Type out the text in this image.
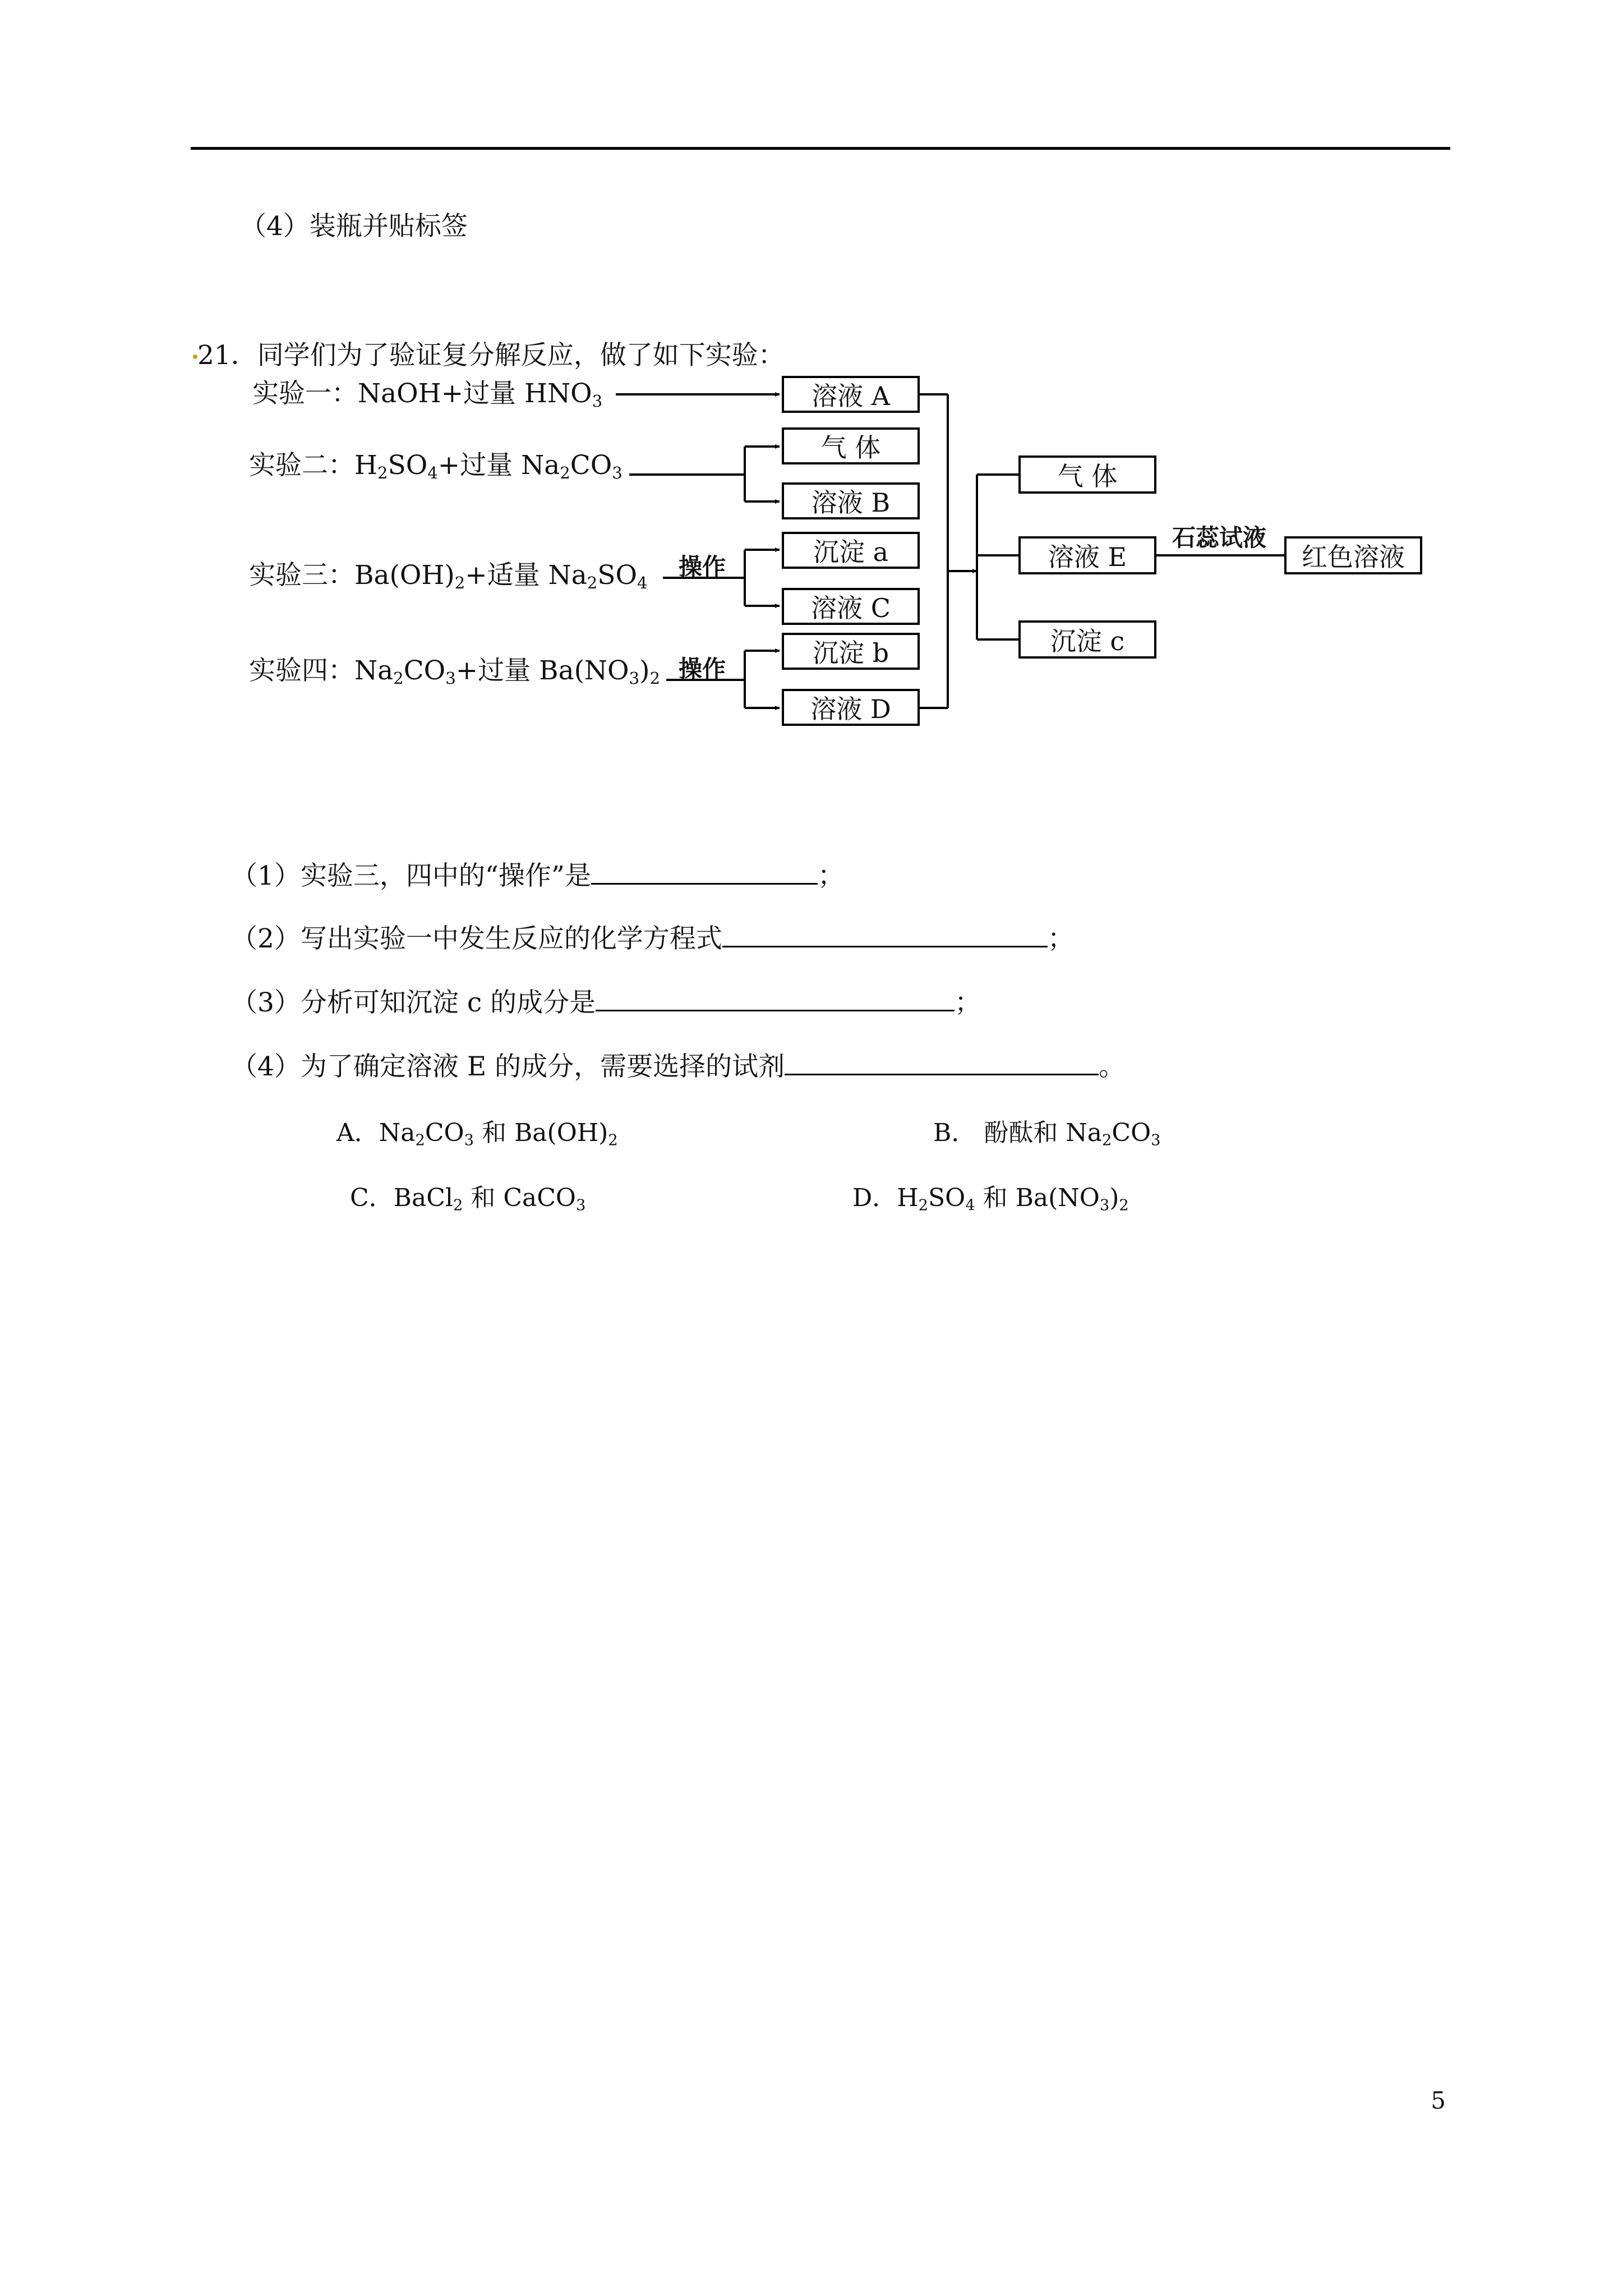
（4）装瓶并贴标签
21．同学们为了验证复分解反应，做了如下实验：
实验一：NaOH+过量 $HNO_3$
实验二：$H_2SO_4+$过量 $Na_2CO_3$
实验三：$Ba(OH)_2+$适量 $Na_2SO_4$
实验四：$Na_2CO_3+$过量 $Ba(NO_3)_2$
溶液 A
气 体
溶液 B
沉淀 a
溶液 C
沉淀 b
溶液 D
气 体
溶液 E
沉淀 c
红色溶液
操作
操作
石蕊试液
（1）实验三，四中的“操作”是	；
（2）写出实验一中发生反应的化学方程式	；
（3）分析可知沉淀 c 的成分是	；
（4）为了确定溶液 E 的成分，需要选择的试剂	。
A．$Na_2CO_3$ 和 $Ba(OH)_2$	B． 酚酞和 $Na_2CO_3$
C．BaCl$_2$ 和 CaCO$_3$	D．$H_2SO_4$ 和 $Ba(NO_3)_2$
5
